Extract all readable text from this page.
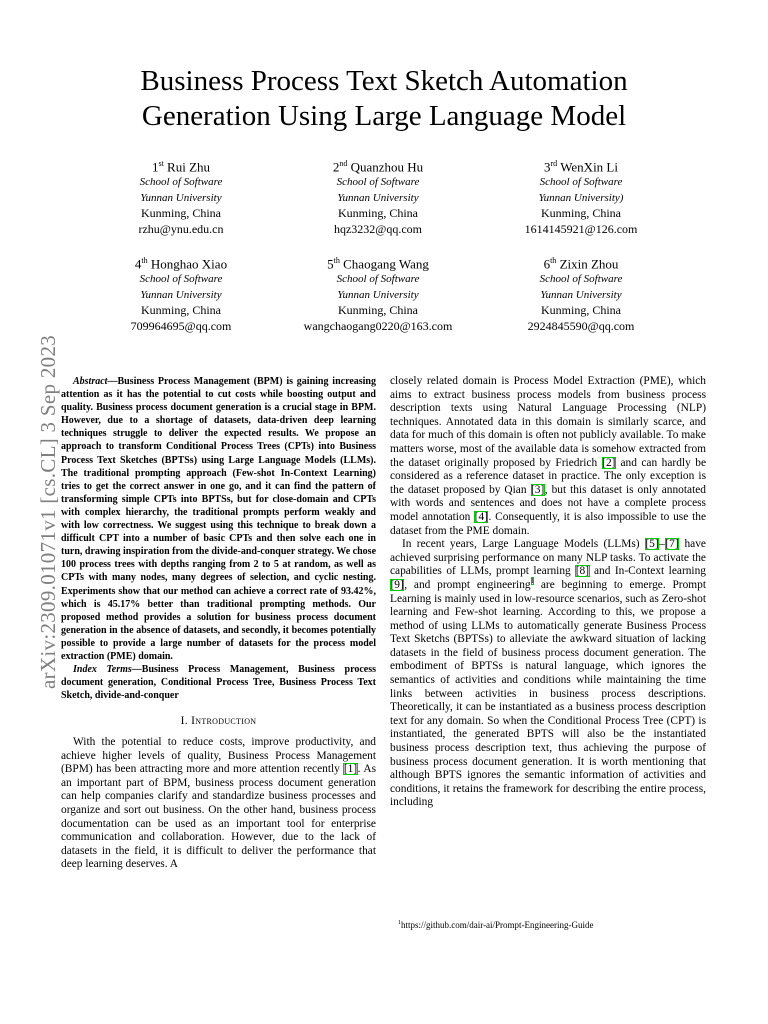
Business Process Text Sketch Automation
Generation Using Large Language Model
1st Rui Zhu
School of Software
Yunnan University
Kunming, China
rzhu@ynu.edu.cn
2nd Quanzhou Hu
School of Software
Yunnan University
Kunming, China
hqz3232@qq.com
3rd WenXin Li
School of Software
Yunnan University)
Kunming, China
1614145921@126.com
4th Honghao Xiao
School of Software
Yunnan University
Kunming, China
709964695@qq.com
5th Chaogang Wang
School of Software
Yunnan University
Kunming, China
wangchaogang0220@163.com
6th Zixin Zhou
School of Software
Yunnan University
Kunming, China
2924845590@qq.com
arXiv:2309.01071v1 [cs.CL] 3 Sep 2023	Abstract—Business Process Management (BPM) is gaining increasing attention as it has the potential to cut costs while boosting output and quality. Business process document generation is a crucial stage in BPM. However, due to a shortage of datasets, data-driven deep learning techniques struggle to deliver the expected results. We propose an approach to transform Conditional Process Trees (CPTs) into Business Process Text Sketches (BPTSs) using Large Language Models (LLMs). The traditional prompting approach (Few-shot In-Context Learning) tries to get the correct answer in one go, and it can find the pattern of transforming simple CPTs into BPTSs, but for close-domain and CPTs with complex hierarchy, the traditional prompts perform weakly and with low correctness. We suggest using this technique to break down a difficult CPT into a number of basic CPTs and then solve each one in turn, drawing inspiration from the divide-and-conquer strategy. We chose 100 process trees with depths ranging from 2 to 5 at random, as well as CPTs with many nodes, many degrees of selection, and cyclic nesting. Experiments show that our method can achieve a correct rate of 93.42%, which is 45.17% better than traditional prompting methods. Our proposed method provides a solution for business process document generation in the absence of datasets, and secondly, it becomes potentially possible to provide a large number of datasets for the process model extraction (PME) domain.

Index Terms—Business Process Management, Business process document generation, Conditional Process Tree, Business Process Text Sketch, divide-and-conquer

I. Introduction

With the potential to reduce costs, improve productivity, and achieve higher levels of quality, Business Process Management (BPM) has been attracting more and more attention recently [1]. As an important part of BPM, business process document generation can help companies clarify and standardize business processes and organize and sort out business. On the other hand, business process documentation can be used as an important tool for enterprise communication and collaboration. However, due to the lack of datasets in the field, it is difficult to deliver the performance that deep learning deserves. A

closely related domain is Process Model Extraction (PME), which aims to extract business process models from business process description texts using Natural Language Processing (NLP) techniques. Annotated data in this domain is similarly scarce, and data for much of this domain is often not publicly available. To make matters worse, most of the available data is somehow extracted from the dataset originally proposed by Friedrich [2] and can hardly be considered as a reference dataset in practice. The only exception is the dataset proposed by Qian [3], but this dataset is only annotated with words and sentences and does not have a complete process model annotation [4]. Consequently, it is also impossible to use the dataset from the PME domain.

In recent years, Large Language Models (LLMs) [5]–[7] have achieved surprising performance on many NLP tasks. To activate the capabilities of LLMs, prompt learning [8] and In-Context learning [9], and prompt engineering$^1$ are beginning to emerge. Prompt Learning is mainly used in low-resource scenarios, such as Zero-shot learning and Few-shot learning. According to this, we propose a method of using LLMs to automatically generate Business Process Text Sketchs (BPTSs) to alleviate the awkward situation of lacking datasets in the field of business process document generation. The embodiment of BPTSs is natural language, which ignores the semantics of activities and conditions while maintaining the time links between activities in business process descriptions. Theoretically, it can be instantiated as a business process description text for any domain. So when the Conditional Process Tree (CPT) is instantiated, the generated BPTS will also be the instantiated business process description text, thus achieving the purpose of business process document generation. It is worth mentioning that although BPTS ignores the semantic information of activities and conditions, it retains the framework for describing the entire process, including

$^1$https://github.com/dair-ai/Prompt-Engineering-Guide
